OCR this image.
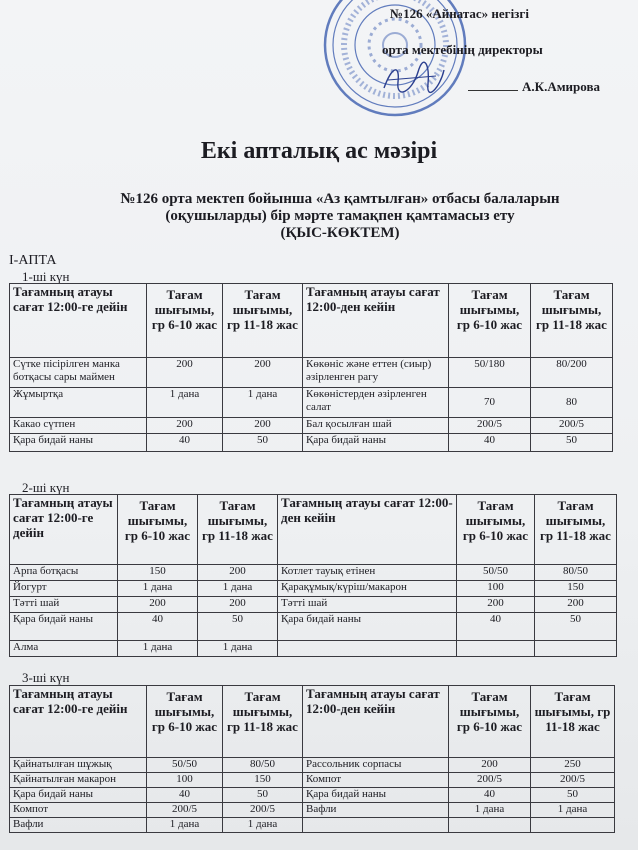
№126 «Айнатас» негізгі
орта мектебінің директоры
А.К.Амирова
Екі апталық ас мәзірі
№126 орта мектеп бойынша «Аз қамтылған» отбасы балаларын
(оқушыларды) бір мәрте тамақпен қамтамасыз ету
(ҚЫС-КӨКТЕМ)
I-АПТА
1-ші күн
Тағамның атауы сағат 12:00-ге дейін	Тағам шығымы, гр 6-10 жас	Тағам шығымы, гр 11-18 жас	Тағамның атауы сағат 12:00-ден кейін	Тағам шығымы, гр 6-10 жас	Тағам шығымы, гр 11-18 жас
Сүтке пісірілген манка ботқасы сары маймен	200	200	Көкөніс және еттен (сиыр) әзірленген рагу	50/180	80/200
Жұмыртқа	1 дана	1 дана	Көкөністерден әзірленген салат	70	80
Какао сүтпен	200	200	Бал қосылған шай	200/5	200/5
Қара бидай наны	40	50	Қара бидай наны	40	50
2-ші күн
Тағамның атауы сағат 12:00-ге дейін	Тағам шығымы, гр 6-10 жас	Тағам шығымы, гр 11-18 жас	Тағамның атауы сағат 12:00-ден кейін	Тағам шығымы, гр 6-10 жас	Тағам шығымы, гр 11-18 жас
Арпа ботқасы	150	200	Котлет тауық етінен	50/50	80/50
Йогурт	1 дана	1 дана	Қарақұмық/күріш/макарон	100	150
Тәтті шай	200	200	Тәтті шай	200	200
Қара бидай наны	40	50	Қара бидай наны	40	50
Алма	1 дана	1 дана			
3-ші күн
Тағамның атауы сағат 12:00-ге дейін	Тағам шығымы, гр 6-10 жас	Тағам шығымы, гр 11-18 жас	Тағамның атауы сағат 12:00-ден кейін	Тағам шығымы, гр 6-10 жас	Тағам шығымы, гр 11-18 жас
Қайнатылған шұжық	50/50	80/50	Рассольник сорпасы	200	250
Қайнатылған макарон	100	150	Компот	200/5	200/5
Қара бидай наны	40	50	Қара бидай наны	40	50
Компот	200/5	200/5	Вафли	1 дана	1 дана
Вафли	1 дана	1 дана			
